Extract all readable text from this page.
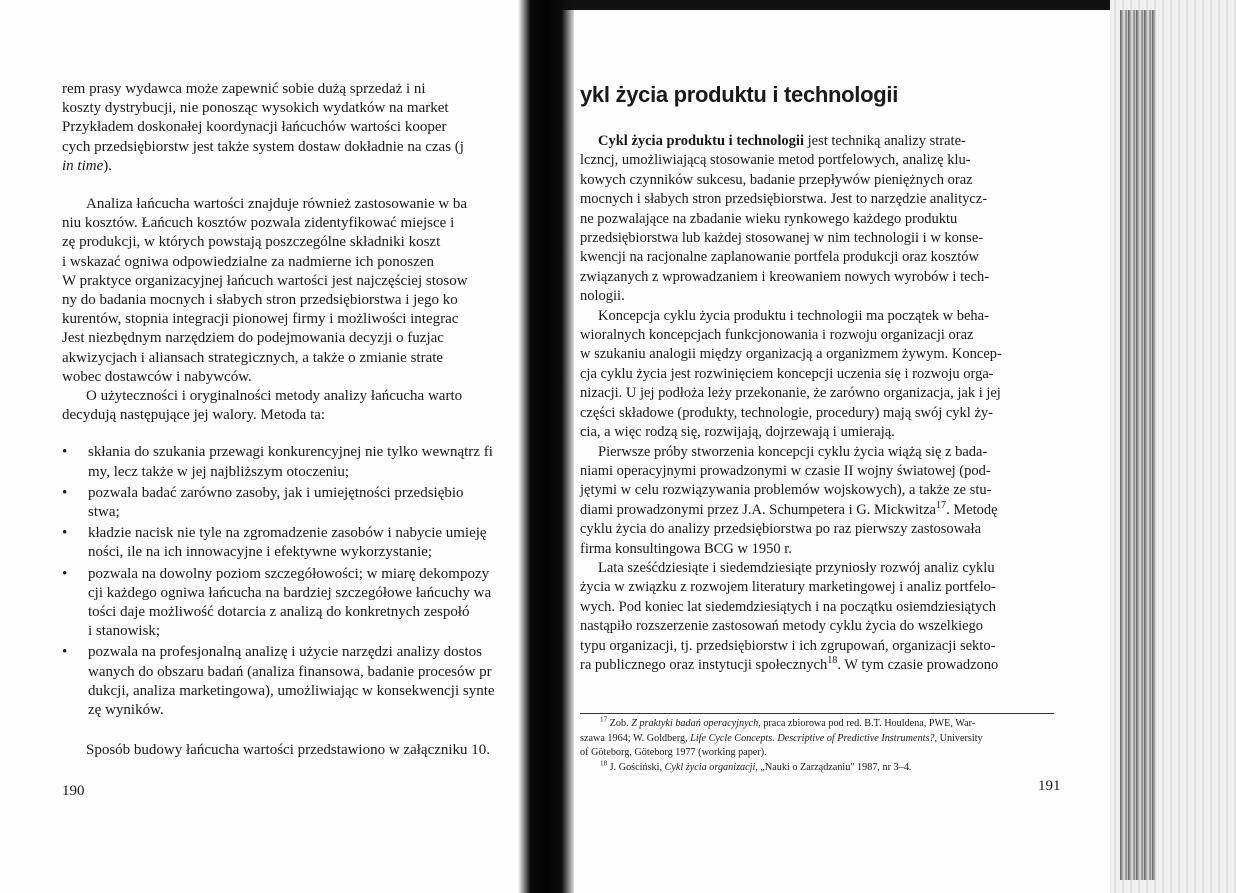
rem prasy wydawca może zapewnić sobie dużą sprzedaż i ni
koszty dystrybucji, nie ponosząc wysokich wydatków na market
Przykładem doskonałej koordynacji łańcuchów wartości kooper
cych przedsiębiorstw jest także system dostaw dokładnie na czas (j
in time).
Analiza łańcucha wartości znajduje również zastosowanie w ba
niu kosztów. Łańcuch kosztów pozwala zidentyfikować miejsce i
zę produkcji, w których powstają poszczególne składniki koszt
i wskazać ogniwa odpowiedzialne za nadmierne ich ponoszen
W praktyce organizacyjnej łańcuch wartości jest najczęściej stosow
ny do badania mocnych i słabych stron przedsiębiorstwa i jego ko
kurentów, stopnia integracji pionowej firmy i możliwości integrac
Jest niezbędnym narzędziem do podejmowania decyzji o fuzjac
akwizycjach i aliansach strategicznych, a także o zmianie strate
wobec dostawców i nabywców.
O użyteczności i oryginalności metody analizy łańcucha warto
decydują następujące jej walory. Metoda ta:
• skłania do szukania przewagi konkurencyjnej nie tylko wewnątrz fi
my, lecz także w jej najbliższym otoczeniu;
• pozwala badać zarówno zasoby, jak i umiejętności przedsiębio
stwa;
• kładzie nacisk nie tyle na zgromadzenie zasobów i nabycie umieję
ności, ile na ich innowacyjne i efektywne wykorzystanie;
• pozwala na dowolny poziom szczegółowości; w miarę dekompozy
cji każdego ogniwa łańcucha na bardziej szczegółowe łańcuchy wa
tości daje możliwość dotarcia z analizą do konkretnych zespołó
i stanowisk;
• pozwala na profesjonalną analizę i użycie narzędzi analizy dostos
wanych do obszaru badań (analiza finansowa, badanie procesów pr
dukcji, analiza marketingowa), umożliwiając w konsekwencji synte
zę wyników.
Sposób budowy łańcucha wartości przedstawiono w załączniku 10.
190
ykl życia produktu i technologii
Cykl życia produktu i technologii jest techniką analizy strate-
lczncj, umożliwiającą stosowanie metod portfelowych, analizę klu-
kowych czynników sukcesu, badanie przepływów pieniężnych oraz
mocnych i słabych stron przedsiębiorstwa. Jest to narzędzie analitycz-
ne pozwalające na zbadanie wieku rynkowego każdego produktu
przedsiębiorstwa lub każdej stosowanej w nim technologii i w konse-
kwencji na racjonalne zaplanowanie portfela produkcji oraz kosztów
związanych z wprowadzaniem i kreowaniem nowych wyrobów i tech-
nologii.
Koncepcja cyklu życia produktu i technologii ma początek w beha-
wioralnych koncepcjach funkcjonowania i rozwoju organizacji oraz
w szukaniu analogii między organizacją a organizmem żywym. Koncep-
cja cyklu życia jest rozwinięciem koncepcji uczenia się i rozwoju orga-
nizacji. U jej podłoża leży przekonanie, że zarówno organizacja, jak i jej
części składowe (produkty, technologie, procedury) mają swój cykl ży-
cia, a więc rodzą się, rozwijają, dojrzewają i umierają.
Pierwsze próby stworzenia koncepcji cyklu życia wiążą się z bada-
niami operacyjnymi prowadzonymi w czasie II wojny światowej (pod-
jętymi w celu rozwiązywania problemów wojskowych), a także ze stu-
diami prowadzonymi przez J.A. Schumpetera i G. Mickwitza$^{17}$. Metodę
cyklu życia do analizy przedsiębiorstwa po raz pierwszy zastosowała
firma konsultingowa BCG w 1950 r.
Lata sześćdziesiąte i siedemdziesiąte przyniosły rozwój analiz cyklu
życia w związku z rozwojem literatury marketingowej i analiz portfelo-
wych. Pod koniec lat siedemdziesiątych i na początku osiemdziesiątych
nastąpiło rozszerzenie zastosowań metody cyklu życia do wszelkiego
typu organizacji, tj. przedsiębiorstw i ich zgrupowań, organizacji sekto-
ra publicznego oraz instytucji społecznych$^{18}$. W tym czasie prowadzono
$^{17}$ Zob. Z praktyki badań operacyjnych, praca zbiorowa pod red. B.T. Houldena, PWE, War-
szawa 1964; W. Goldberg, Life Cycle Concepts. Descriptive of Predictive Instruments?, University
of Göteborg, Göteborg 1977 (working paper).
$^{18}$ J. Gościński, Cykl życia organizacji, „Nauki o Zarządzaniu" 1987, nr 3–4.
191
